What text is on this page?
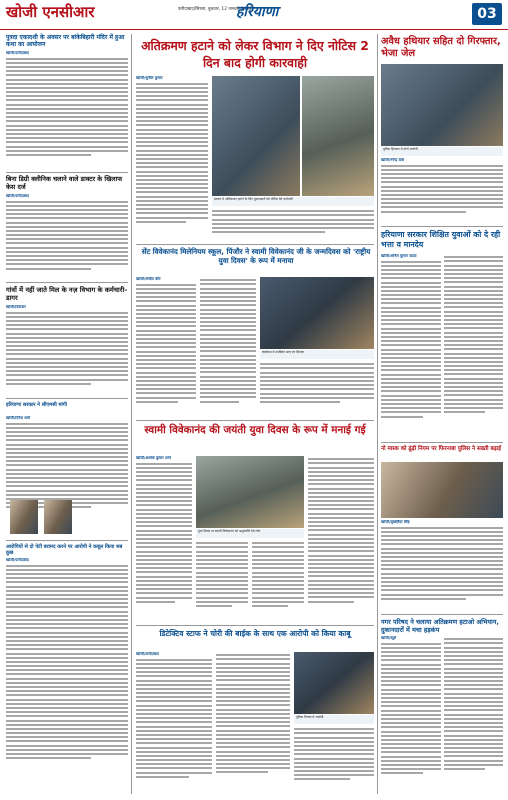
खोजी एनसीआर	फरीदाबाद/सिरसा, बुधवार, 12 जनवरी 2022
हरियाणा	03
पुत्रदा एकादशी के अवसर पर बांकेबिहारी मंदिर में हुआ कथा का आयोजन
खोजी/फरीदाबाद
बिना डिग्री क्लीनिक चलाने वाले डाक्टर के खिलाफ केस दर्ज
खोजी/फरीदाबाद
गांवों में नहीं जाते मिल के नज़ विभाग के कर्मचारी–डागर
खोजी/दिवाकर
हरियाणा सरकार ने सीएमसी मांगी
खोजी/दिनेश शर्मा
आरोपियों से दो पेटी बरामद करने पर आरोपी ने कबूल किया सब कुछ
खोजी/फरीदाबाद
अतिक्रमण हटाने को लेकर विभाग ने दिए नोटिस 2 दिन बाद होगी कारवाही
खोजी/सुनील कुमार
बाजार में अतिक्रमण हटाने के लिए दुकानदारों को नोटिस देते कर्मचारी
सेंट विवेकानंद मिलेनियम स्कूल, पिंजौर ने स्वामी विवेकानंद जी के जन्मदिवस को 'राष्ट्रीय युवा दिवस' के रूप में मनाया
खोजी/संजीव कौर
कार्यक्रम में उपस्थित छात्र एवं शिक्षक
स्वामी विवेकानंद की जयंती युवा दिवस के रूप में मनाई गई
खोजी/अशोक कुमार शर्मा
युवा दिवस पर स्वामी विवेकानंद को श्रद्धांजलि देते लोग
डिटेक्टिव स्टाफ ने चोरी की बाईक के साथ एक आरोपी को किया काबू
खोजी/फरीदाबाद
पुलिस गिरफ्त में आरोपी
अवैध हथियार सहित दो गिरफ्तार, भेजा जेल
पुलिस हिरासत में दोनों आरोपी
खोजी/नरेन्द्र वत्स
हरियाणा सरकार शिक्षित युवाओं को दे रही भत्ता व मानदेय
खोजी/अनिल कुमार यादव
नो मास्क को ढूंढ़ी नियम पर फिरनाबा पुलिस ने सख्ती बढ़ाई
खोजी/सुखविंदर सिंह
नगर परिषद ने चलाया अतिक्रमण हटाओ अभियान, दुकानदारों में मचा हड़कंप
खोजी/ब्यूरो
